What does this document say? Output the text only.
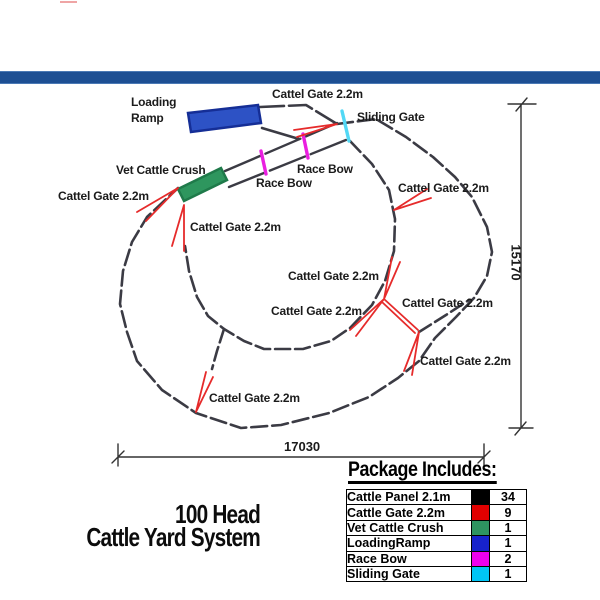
Cattel Gate 2.2m
Loading
Ramp	Sliding Gate
Vet Cattle Crush	Race Bow
Race Bow
Cattel Gate 2.2m
Cattel Gate 2.2m
Cattel Gate 2.2m
Cattel Gate 2.2m
Cattel Gate 2.2m
Cattel Gate 2.2m
Cattel Gate 2.2m
Cattel Gate 2.2m
15170
17030
100 Head
Cattle Yard System
Package Includes:
Cattle Panel 2.1m		34
Cattle Gate 2.2m		9
Vet Cattle Crush		1
LoadingRamp		1
Race Bow		2
Sliding Gate		1
